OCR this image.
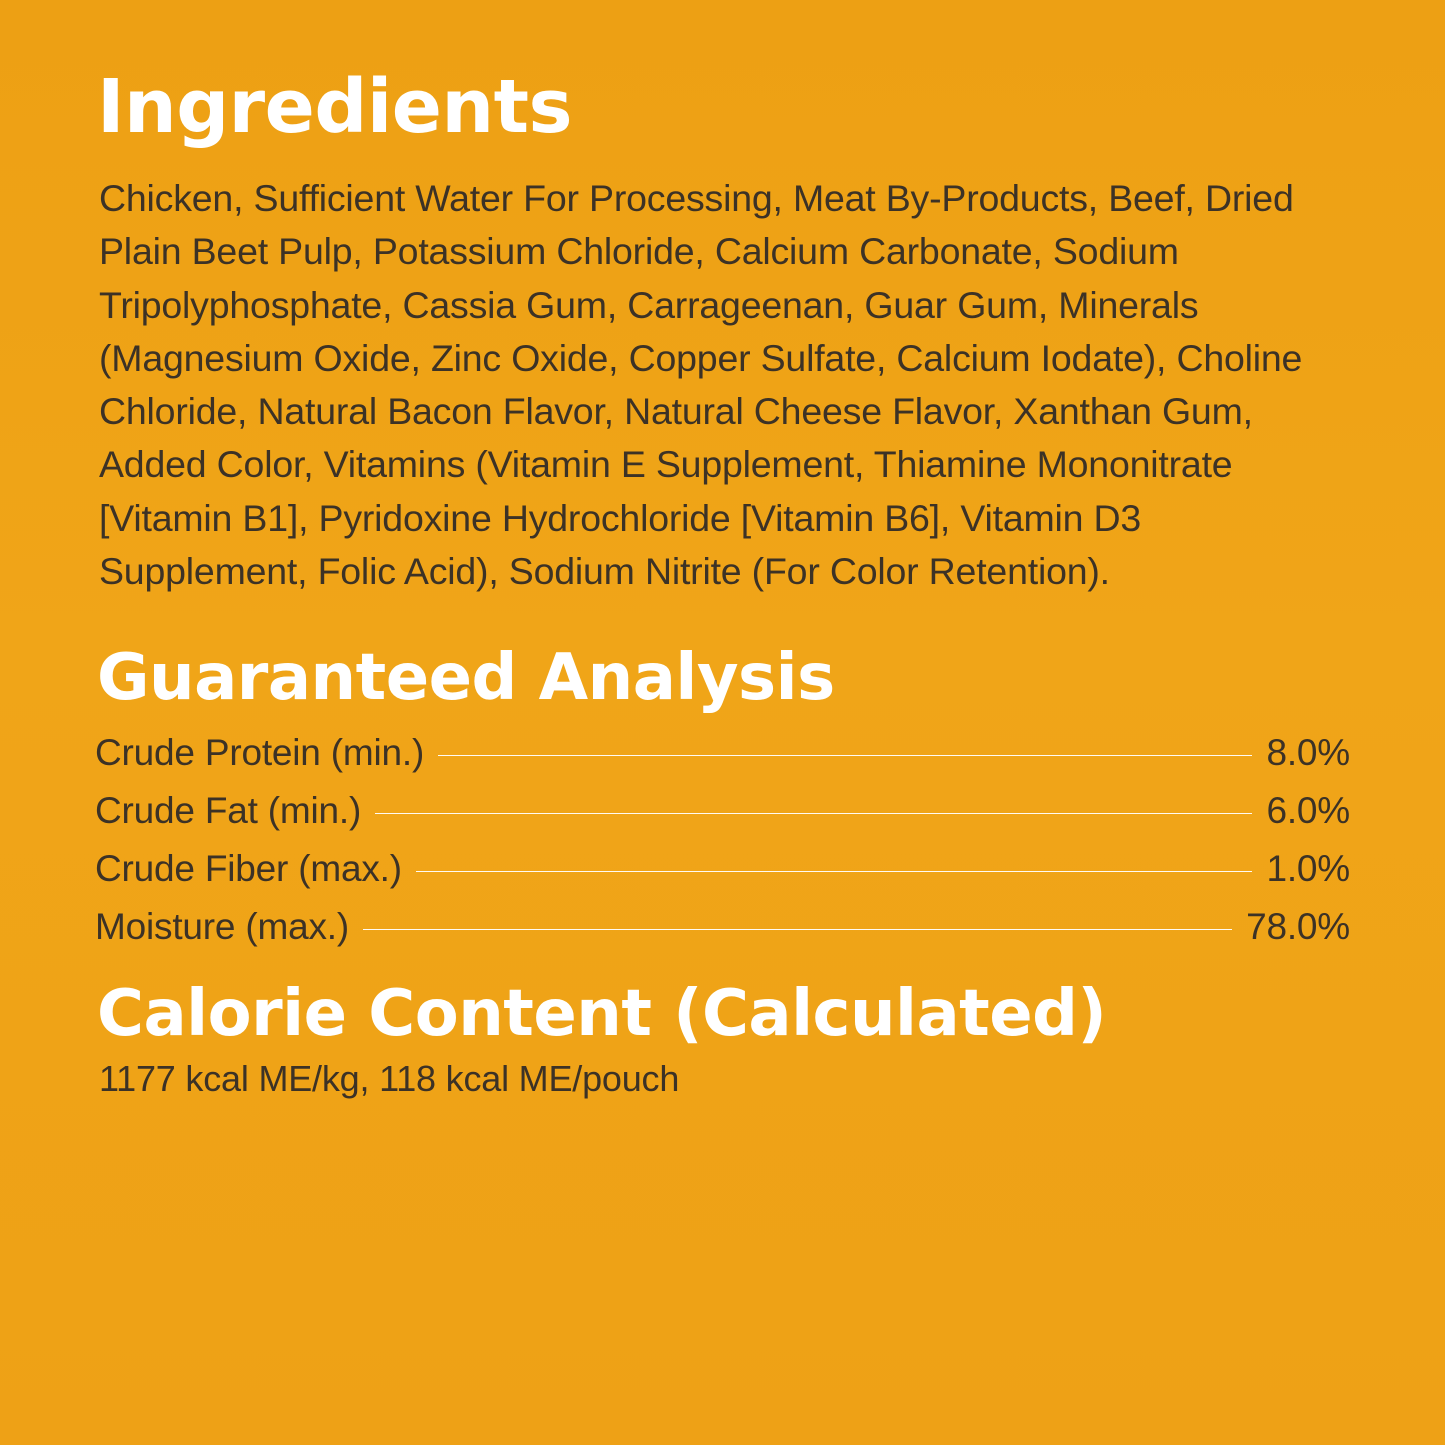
Ingredients

Chicken, Sufficient Water For Processing, Meat By-Products, Beef, Dried Plain Beet Pulp, Potassium Chloride, Calcium Carbonate, Sodium Tripolyphosphate, Cassia Gum, Carrageenan, Guar Gum, Minerals (Magnesium Oxide, Zinc Oxide, Copper Sulfate, Calcium Iodate), Choline Chloride, Natural Bacon Flavor, Natural Cheese Flavor, Xanthan Gum, Added Color, Vitamins (Vitamin E Supplement, Thiamine Mononitrate [Vitamin B1], Pyridoxine Hydrochloride [Vitamin B6], Vitamin D3 Supplement, Folic Acid), Sodium Nitrite (For Color Retention).

Guaranteed Analysis
Crude Protein (min.)	8.0%
Crude Fat (min.)	6.0%
Crude Fiber (max.)	1.0%
Moisture (max.)	78.0%
Calorie Content (Calculated)

1177 kcal ME/kg, 118 kcal ME/pouch
